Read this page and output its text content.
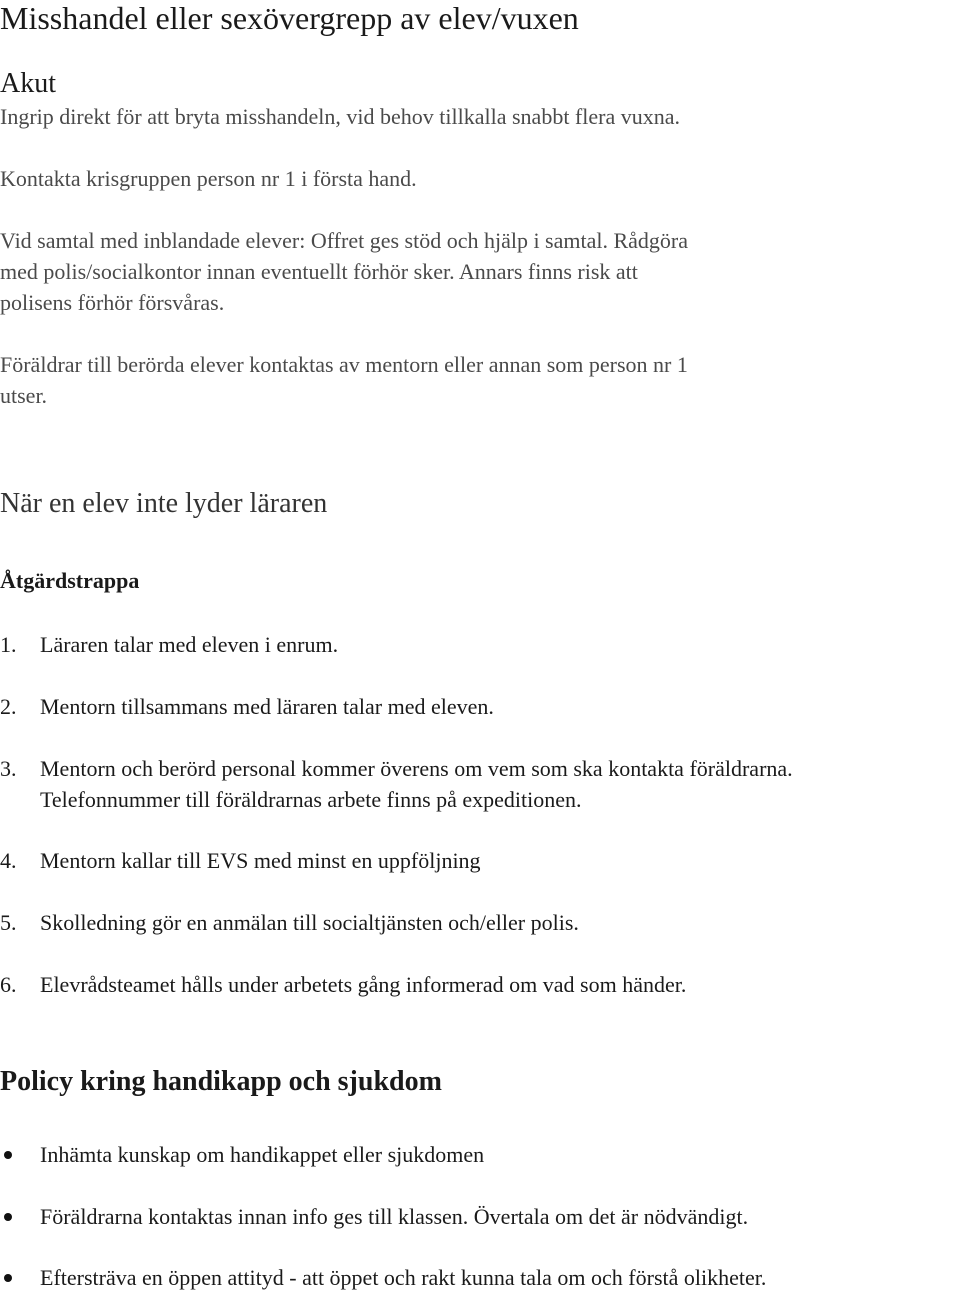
Misshandel eller sexövergrepp av elev/vuxen
Akut
Ingrip direkt för att bryta misshandeln, vid behov tillkalla snabbt flera vuxna.
Kontakta krisgruppen person nr 1 i första hand.
Vid samtal med inblandade elever: Offret ges stöd och hjälp i samtal. Rådgöra
med polis/socialkontor innan eventuellt förhör sker. Annars finns risk att
polisens förhör försvåras.
Föräldrar till berörda elever kontaktas av mentorn eller annan som person nr 1
utser.
När en elev inte lyder läraren
Åtgärdstrappa
1. Läraren talar med eleven i enrum.
2. Mentorn tillsammans med läraren talar med eleven.
3. Mentorn och berörd personal kommer överens om vem som ska kontakta föräldrarna.
Telefonnummer till föräldrarnas arbete finns på expeditionen.
4. Mentorn kallar till EVS med minst en uppföljning
5. Skolledning gör en anmälan till socialtjänsten och/eller polis.
6. Elevrådsteamet hålls under arbetets gång informerad om vad som händer.
Policy kring handikapp och sjukdom
Inhämta kunskap om handikappet eller sjukdomen
Föräldrarna kontaktas innan info ges till klassen. Övertala om det är nödvändigt.
Eftersträva en öppen attityd - att öppet och rakt kunna tala om och förstå olikheter.
